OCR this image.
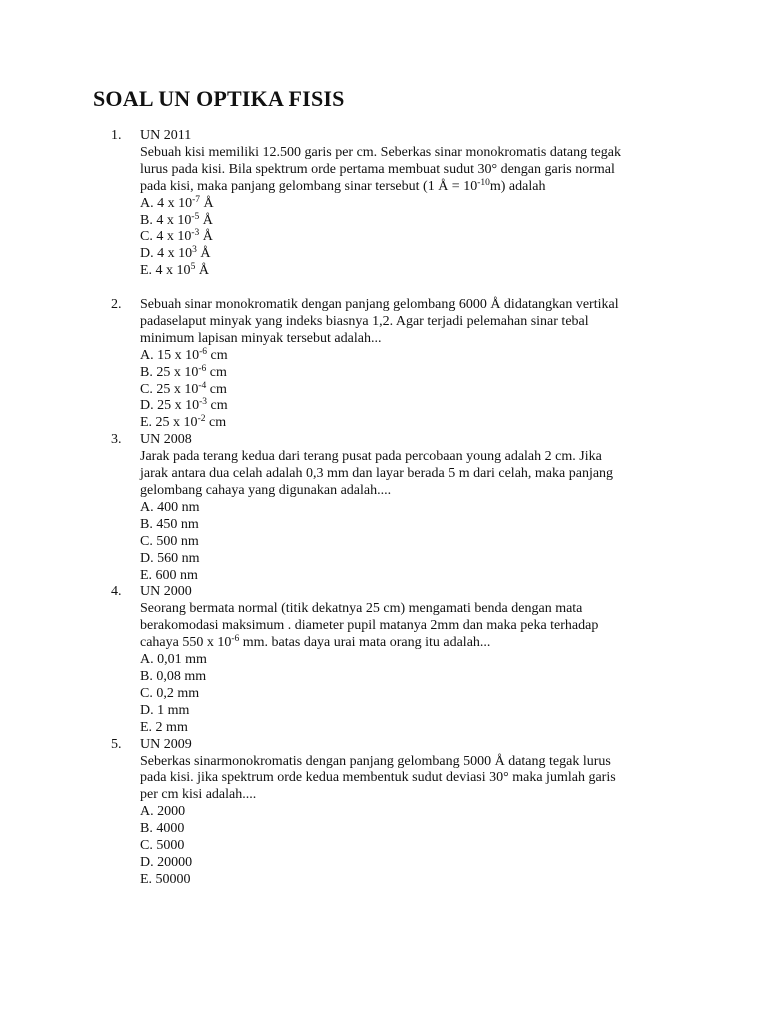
SOAL UN OPTIKA FISIS
1.	UN 2011
Sebuah kisi memiliki 12.500 garis per cm. Seberkas sinar monokromatis datang tegak
lurus pada kisi. Bila spektrum orde pertama membuat sudut 30° dengan garis normal
pada kisi, maka panjang gelombang sinar tersebut (1 Å = $10^{-10}m$) adalah
A. 4 x $10^{-7}$ Å
B. 4 x $10^{-5}$ Å
C. 4 x $10^{-3}$ Å
D. 4 x $10^3$ Å
E. 4 x $10^5$ Å
2.	Sebuah sinar monokromatik dengan panjang gelombang 6000 Å didatangkan vertikal
padaselaput minyak yang indeks biasnya 1,2. Agar terjadi pelemahan sinar tebal
minimum lapisan minyak tersebut adalah...
A. 15 x $10^{-6}$ cm
B. 25 x $10^{-6}$ cm
C. 25 x $10^{-4}$ cm
D. 25 x $10^{-3}$ cm
E. 25 x $10^{-2}$ cm
3.	UN 2008
Jarak pada terang kedua dari terang pusat pada percobaan young adalah 2 cm. Jika
jarak antara dua celah adalah 0,3 mm dan layar berada 5 m dari celah, maka panjang
gelombang cahaya yang digunakan adalah....
A. 400 nm
B. 450 nm
C. 500 nm
D. 560 nm
E. 600 nm
4.	UN 2000
Seorang bermata normal (titik dekatnya 25 cm) mengamati benda dengan mata
berakomodasi maksimum . diameter pupil matanya 2mm dan maka peka terhadap
cahaya 550 x $10^{-6}$ mm. batas daya urai mata orang itu adalah...
A. 0,01 mm
B. 0,08 mm
C. 0,2 mm
D. 1 mm
E. 2 mm
5.	UN 2009
Seberkas sinarmonokromatis dengan panjang gelombang 5000 Å datang tegak lurus
pada kisi. jika spektrum orde kedua membentuk sudut deviasi 30° maka jumlah garis
per cm kisi adalah....
A. 2000
B. 4000
C. 5000
D. 20000
E. 50000
